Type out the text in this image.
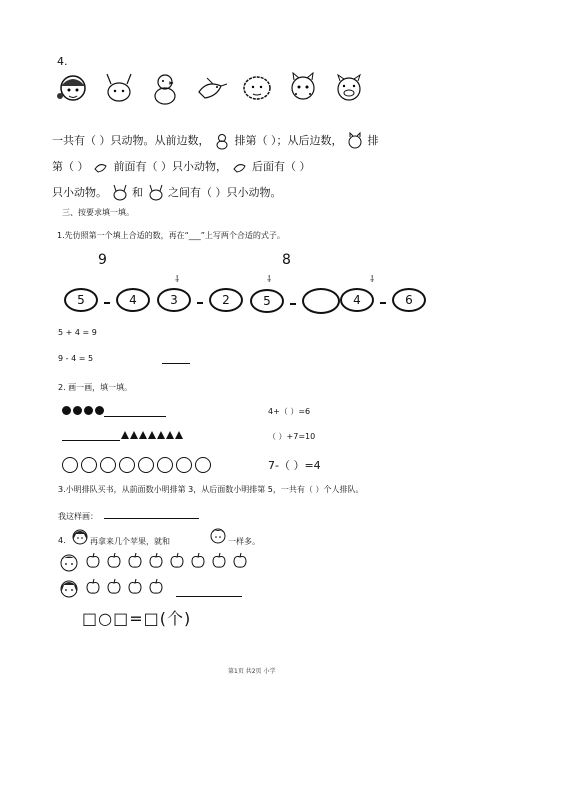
4.
一共有（ ）只动物。从前边数， 排第（ ）；从后边数， 排
第（ ） 前面有（ ）只小动物， 后面有（ ）
只小动物。 和 之间有（ ）只小动物。
三、按要求填一填。
1.先仿照第一个填上合适的数，再在“___”上写两个合适的式子。
9	8
⸸	⸸	⸸
5	4	3	2	5	4	6
5 + 4 = 9
9 - 4 = 5
2. 画一画，填一填。
4+（ ）=6
（ ）+7=10
7-（ ）=4
3.小明排队买书，从前面数小明排第 3，从后面数小明排第 5，一共有（ ）个人排队。
我这样画：
4.	再拿来几个苹果，就和	一样多。
□○□=□(个)
第1页 共2页 小学
